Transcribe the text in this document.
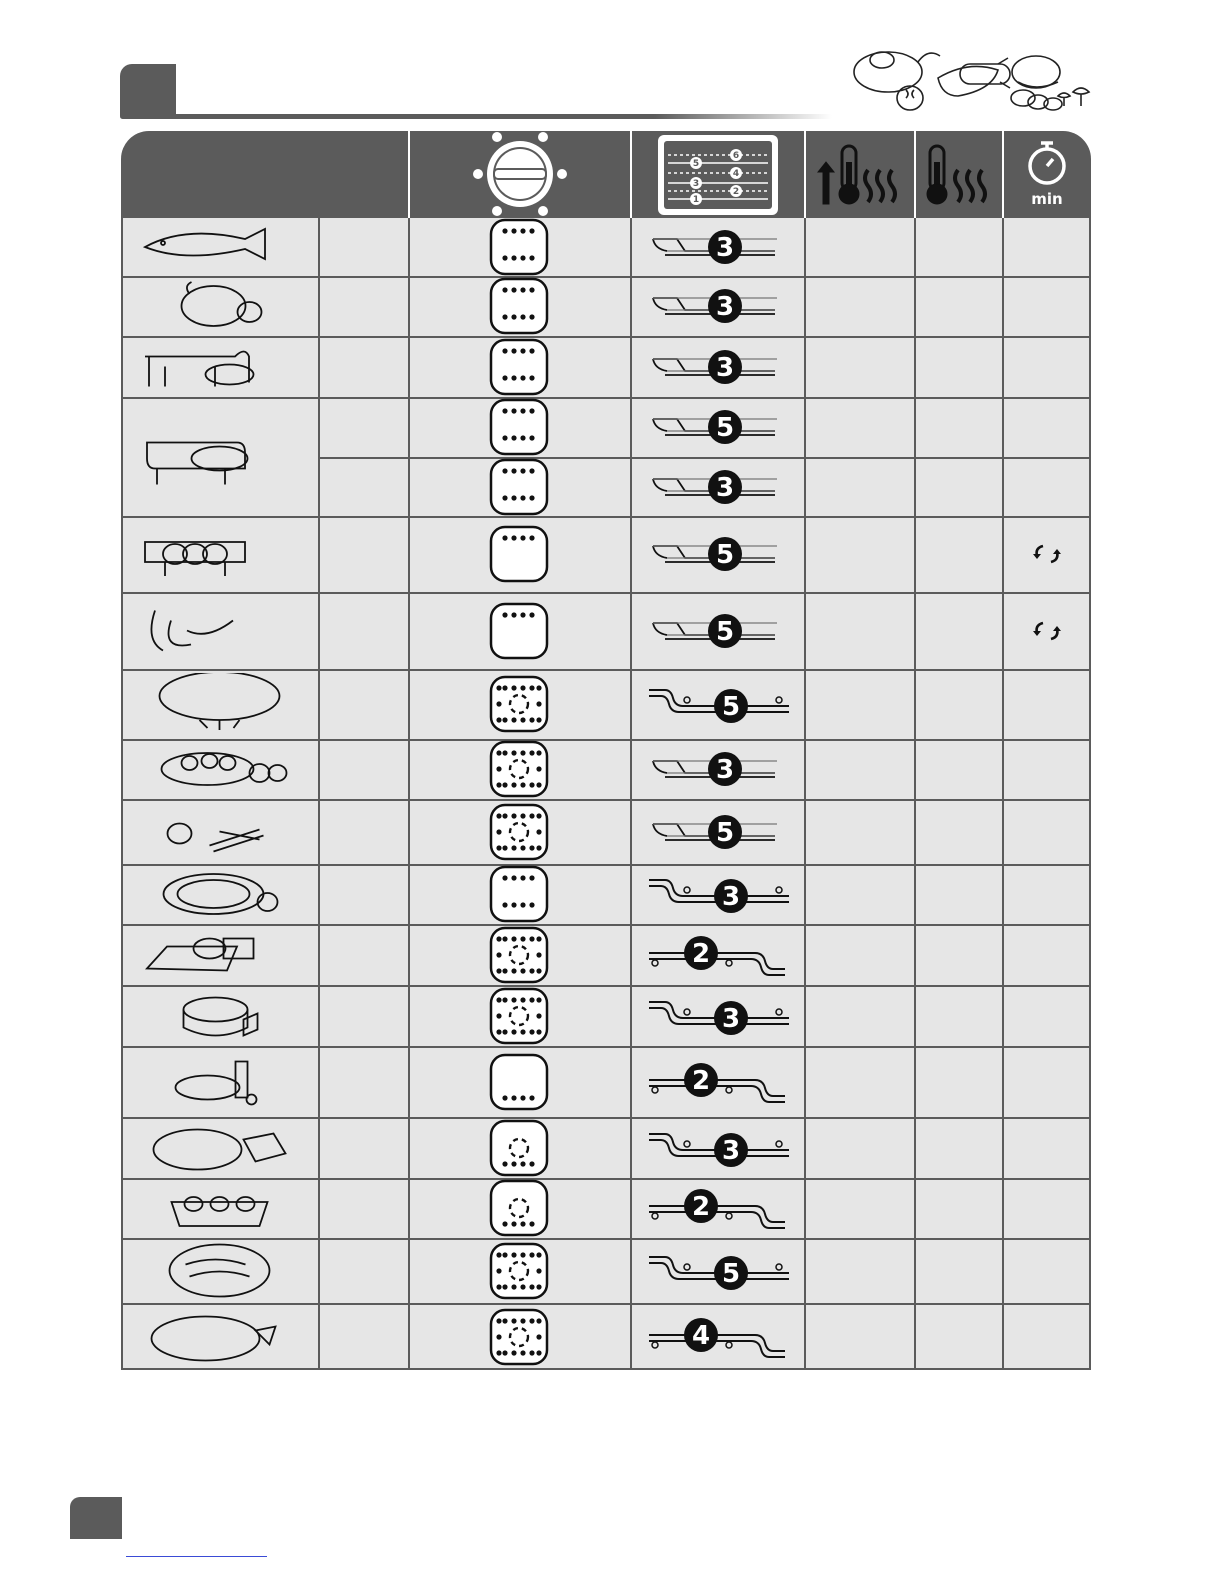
6
5
4
3
2
1	min
3
3
3
5
3
5
5
5
3
5
3
2
3
2
3
2
5
4
